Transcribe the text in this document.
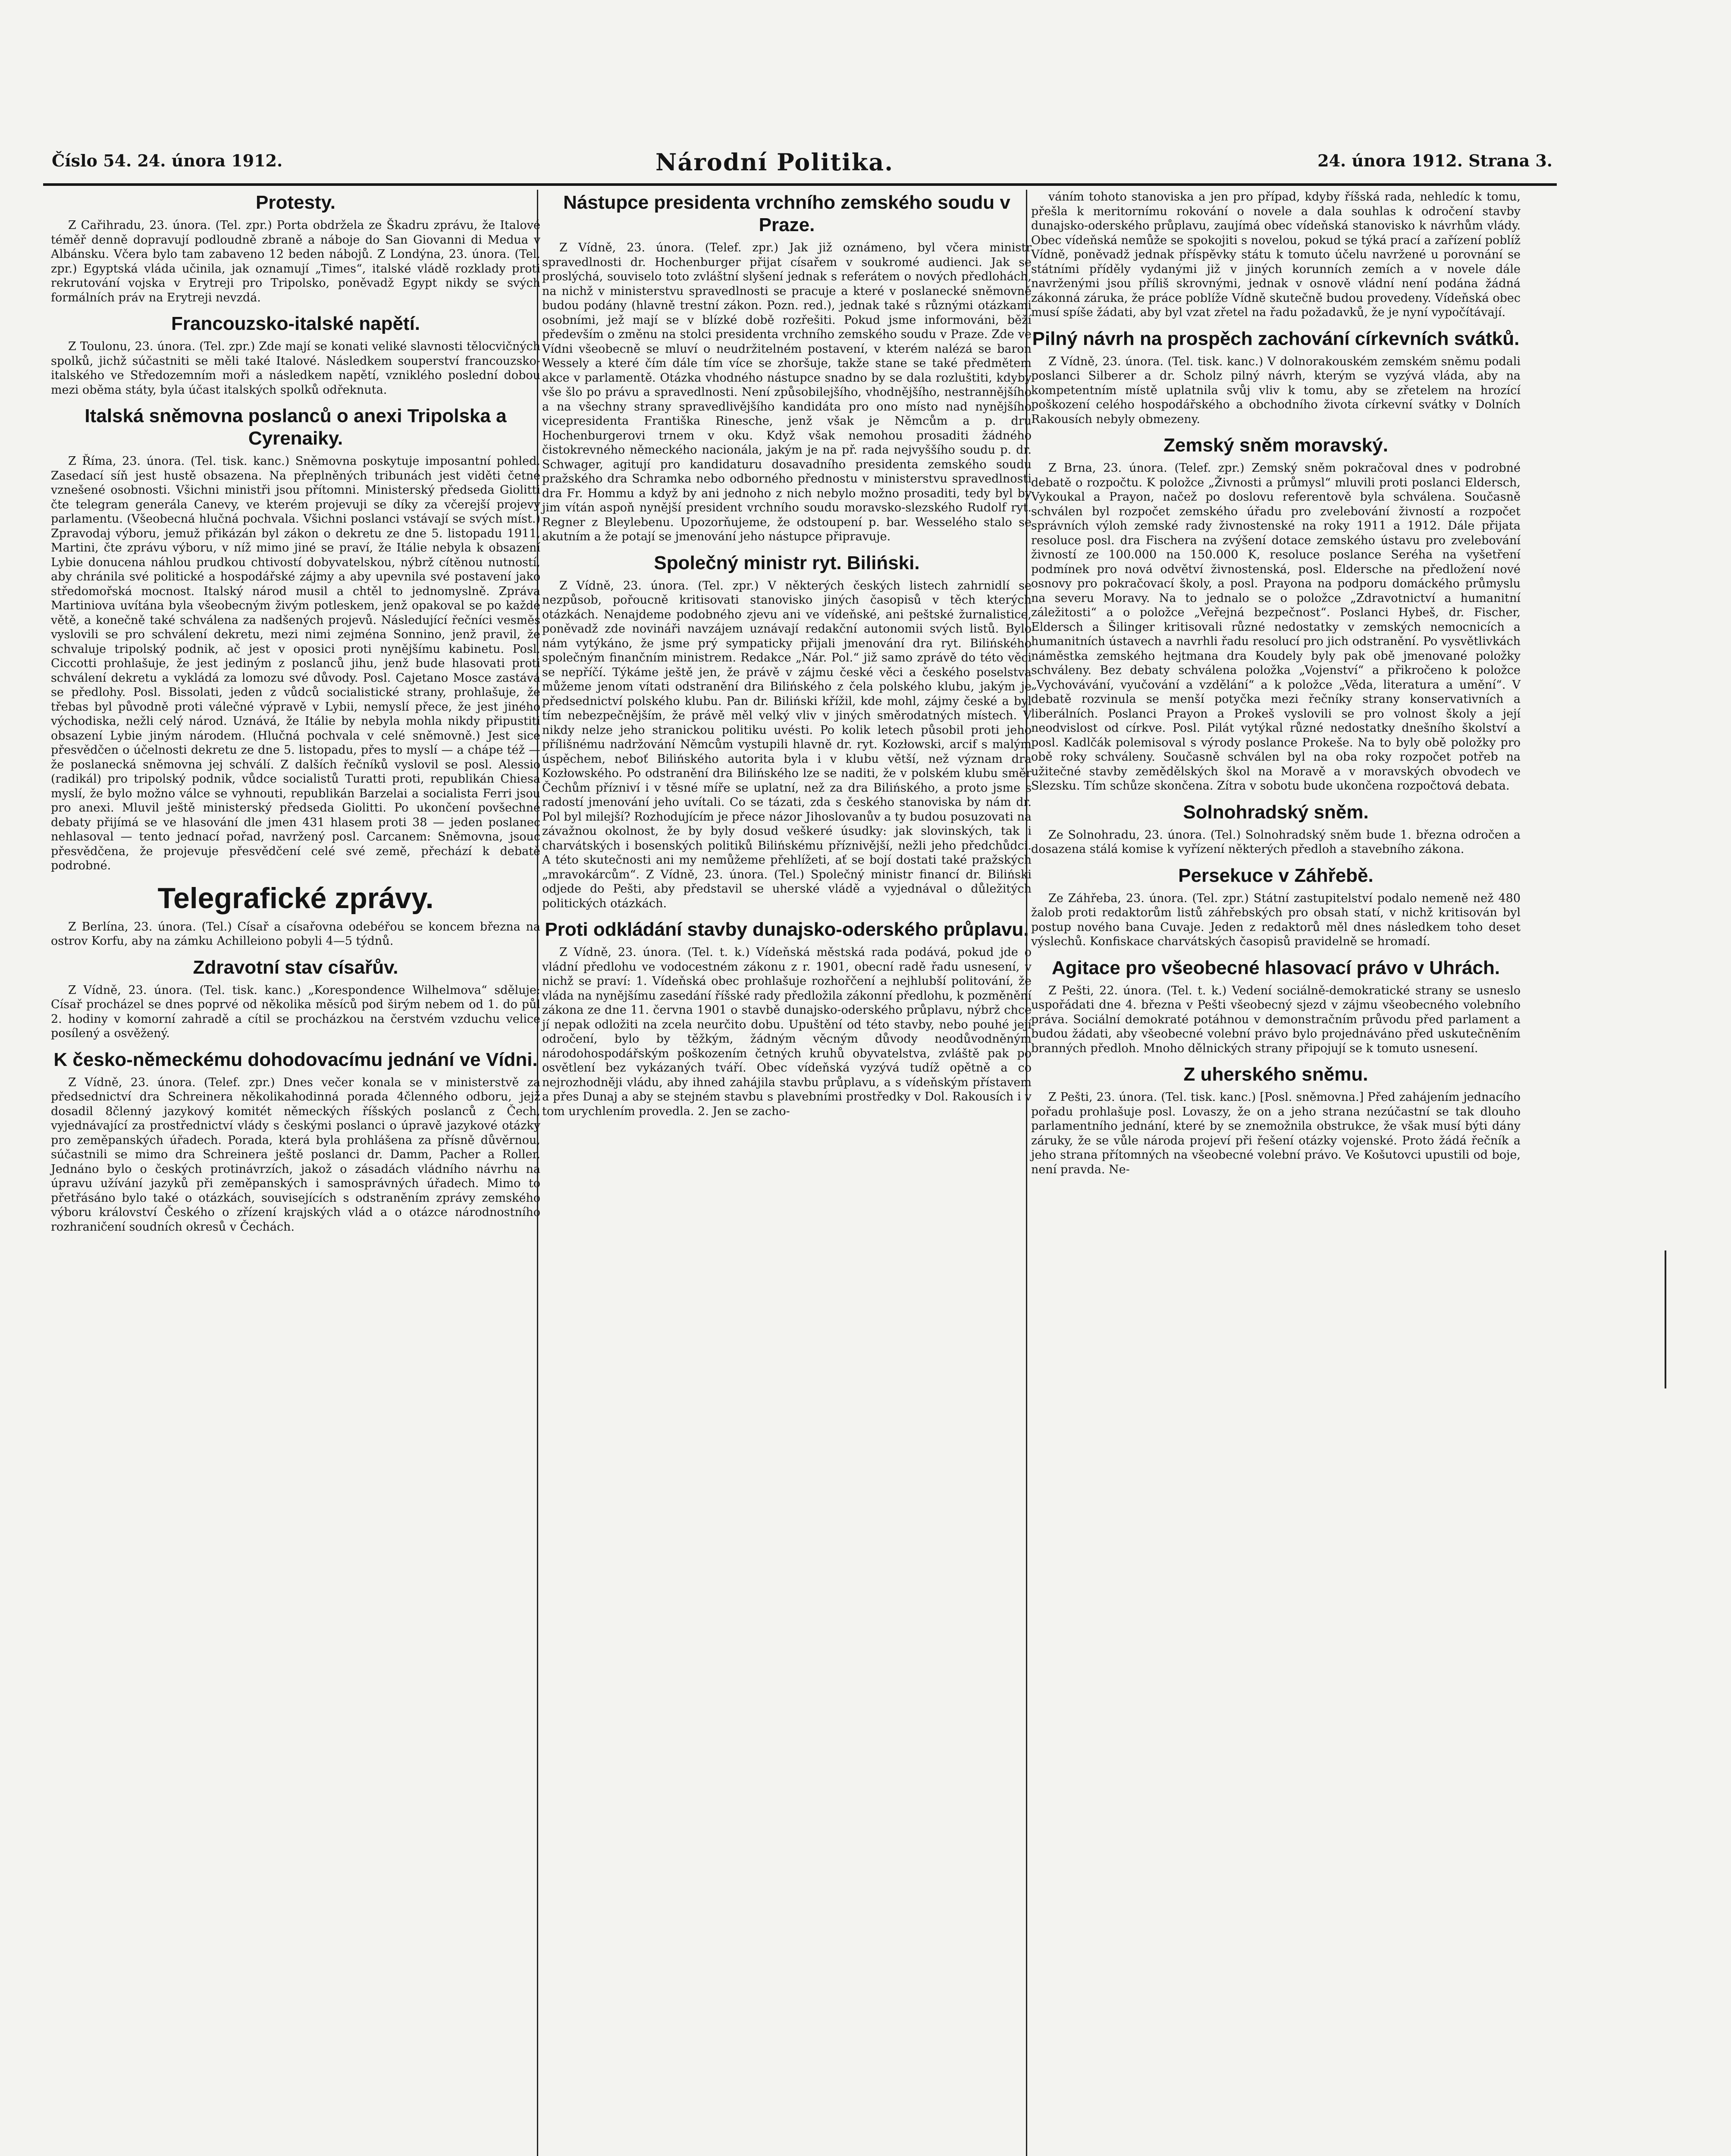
Číslo 54. 24. února 1912.	Národní Politika.	24. února 1912. Strana 3.
Protesty.

Z Cařihradu, 23. února. (Tel. zpr.) Porta obdržela ze Škadru zprávu, že Italové téměř denně dopravují podloudně zbraně a náboje do San Giovanni di Medua v Albánsku. Včera bylo tam zabaveno 12 beden nábojů. Z Londýna, 23. února. (Tel. zpr.) Egyptská vláda učinila, jak oznamují „Times“, italské vládě rozklady proti rekrutování vojska v Erytreji pro Tripolsko, poněvadž Egypt nikdy se svých formálních práv na Erytreji nevzdá.

Francouzsko-italské napětí.

Z Toulonu, 23. února. (Tel. zpr.) Zde mají se konati veliké slavnosti tělocvičných spolků, jichž súčastniti se měli také Italové. Následkem souperství francouzsko-italského ve Středozemním moři a následkem napětí, vzniklého poslední dobou mezi oběma státy, byla účast italských spolků odřeknuta.

Italská sněmovna poslanců o anexi Tripolska a Cyrenaiky.

Z Říma, 23. února. (Tel. tisk. kanc.) Sněmovna poskytuje imposantní pohled. Zasedací síň jest hustě obsazena. Na přeplněných tribunách jest viděti četné vznešené osobnosti. Všichni ministři jsou přítomni. Ministerský předseda Giolitti čte telegram generála Canevy, ve kterém projevuji se díky za včerejší projevy parlamentu. (Všeobecná hlučná pochvala. Všichni poslanci vstávají se svých míst.) Zpravodaj výboru, jemuž přikázán byl zákon o dekretu ze dne 5. listopadu 1911, Martini, čte zprávu výboru, v níž mimo jiné se praví, že Itálie nebyla k obsazení Lybie donucena náhlou prudkou chtivostí dobyvatelskou, nýbrž cítěnou nutností, aby chránila své politické a hospodářské zájmy a aby upevnila své postavení jako středomořská mocnost. Italský národ musil a chtěl to jednomyslně. Zpráva Martiniova uvítána byla všeobecným živým potleskem, jenž opakoval se po každé větě, a konečně také schválena za nadšených projevů. Následující řečníci vesměs vyslovili se pro schválení dekretu, mezi nimi zejména Sonnino, jenž pravil, že schvaluje tripolský podnik, ač jest v oposici proti nynějšímu kabinetu. Posl. Ciccotti prohlašuje, že jest jediným z poslanců jihu, jenž bude hlasovati proti schválení dekretu a vykládá za lomozu své důvody. Posl. Cajetano Mosce zastává se předlohy. Posl. Bissolati, jeden z vůdců socialistické strany, prohlašuje, že třebas byl původně proti válečné výpravě v Lybii, nemyslí přece, že jest jiného východiska, nežli celý národ. Uznává, že Itálie by nebyla mohla nikdy připustiti obsazení Lybie jiným národem. (Hlučná pochvala v celé sněmovně.) Jest sice přesvědčen o účelnosti dekretu ze dne 5. listopadu, přes to myslí — a chápe též — že poslanecká sněmovna jej schválí. Z dalších řečníků vyslovil se posl. Alessio (radikál) pro tripolský podnik, vůdce socialistů Turatti proti, republikán Chiesa myslí, že bylo možno válce se vyhnouti, republikán Barzelai a socialista Ferri jsou pro anexi. Mluvil ještě ministerský předseda Giolitti. Po ukončení povšechné debaty přijímá se ve hlasování dle jmen 431 hlasem proti 38 — jeden poslanec nehlasoval — tento jednací pořad, navržený posl. Carcanem: Sněmovna, jsouc přesvědčena, že projevuje přesvědčení celé své země, přechází k debatě podrobné.

Telegrafické zprávy.

Z Berlína, 23. února. (Tel.) Císař a císařovna odebéřou se koncem března na ostrov Korfu, aby na zámku Achilleiono pobyli 4—5 týdnů.

Zdravotní stav císařův.

Z Vídně, 23. února. (Tel. tisk. kanc.) „Korespondence Wilhelmova“ sděluje: Císař procházel se dnes poprvé od několika měsíců pod širým nebem od 1. do půl 2. hodiny v komorní zahradě a cítil se procházkou na čerstvém vzduchu velice posílený a osvěžený.

K česko-německému dohodovacímu jednání ve Vídni.

Z Vídně, 23. února. (Telef. zpr.) Dnes večer konala se v ministerstvě za předsednictví dra Schreinera několikahodinná porada 4členného odboru, jejž dosadil 8členný jazykový komitét německých říšských poslanců z Čech, vyjednávající za prostřednictví vlády s českými poslanci o úpravě jazykové otázky pro zeměpanských úřadech. Porada, která byla prohlášena za přísně důvěrnou, súčastnili se mimo dra Schreinera ještě poslanci dr. Damm, Pacher a Roller. Jednáno bylo o českých protinávrzích, jakož o zásadách vládního návrhu na úpravu užívání jazyků při zeměpanských i samosprávných úřadech. Mimo to přetřásáno bylo také o otázkách, souvisejících s odstraněním zprávy zemského výboru království Českého o zřízení krajských vlád a o otázce národnostního rozhraničení soudních okresů v Čechách.

Nástupce presidenta vrchního zemského soudu v Praze.

Z Vídně, 23. února. (Telef. zpr.) Jak již oznámeno, byl včera ministr spravedlnosti dr. Hochenburger přijat císařem v soukromé audienci. Jak se proslýchá, souviselo toto zvláštní slyšení jednak s referátem o nových předlohách, na nichž v ministerstvu spravedlnosti se pracuje a které v poslanecké sněmovně budou podány (hlavně trestní zákon. Pozn. red.), jednak také s různými otázkami osobními, jež mají se v blízké době rozřešiti. Pokud jsme informováni, běží především o změnu na stolci presidenta vrchního zemského soudu v Praze. Zde ve Vídni všeobecně se mluví o neudržitelném postavení, v kterém nalézá se baron Wessely a které čím dále tím více se zhoršuje, takže stane se také předmětem akce v parlamentě. Otázka vhodného nástupce snadno by se dala rozluštiti, kdyby vše šlo po právu a spravedlnosti. Není způsobilejšího, vhodnějšího, nestrannějšího a na všechny strany spravedlivějšího kandidáta pro ono místo nad nynějšího vicepresidenta Františka Rinesche, jenž však je Němcům a p. dru Hochenburgerovi trnem v oku. Když však nemohou prosaditi žádného čistokrevného německého nacionála, jakým je na př. rada nejvyššího soudu p. dr. Schwager, agitují pro kandidaturu dosavadního presidenta zemského soudu pražského dra Schramka nebo odborného přednostu v ministerstvu spravedlnosti dra Fr. Hommu a když by ani jednoho z nich nebylo možno prosaditi, tedy byl by jim vítán aspoň nynější president vrchního soudu moravsko-slezského Rudolf ryt. Regner z Bleylebenu. Upozorňujeme, že odstoupení p. bar. Wesselého stalo se akutním a že potají se jmenování jeho nástupce připravuje.

Společný ministr ryt. Biliński.

Z Vídně, 23. února. (Tel. zpr.) V některých českých listech zahrnidlí se nezpůsob, pořoucně kritisovati stanovisko jiných časopisů v těch kterých otázkách. Nenajdeme podobného zjevu ani ve vídeňské, ani peštské žurnalistice, poněvadž zde novináři navzájem uznávají redakční autonomii svých listů. Bylo nám vytýkáno, že jsme prý sympaticky přijali jmenování dra ryt. Bilińského společným finančním ministrem. Redakce „Nár. Pol.“ již samo zprávě do této věci se nepříčí. Týkáme ještě jen, že právě v zájmu české věci a českého poselstva můžeme jenom vítati odstranění dra Bilińského z čela polského klubu, jakým je předsednictví polského klubu. Pan dr. Biliński křížil, kde mohl, zájmy české a byl tím nebezpečnějším, že právě měl velký vliv v jiných směrodatných místech. V nikdy nelze jeho stranickou politiku uvésti. Po kolik letech působil proti jeho přílišnému nadržování Němcům vystupili hlavně dr. ryt. Kozłowski, arcif s malým úspěchem, neboť Bilińského autorita byla i v klubu větší, než význam dra Kozłowského. Po odstranění dra Bilińského lze se naditi, že v polském klubu směr Čechům přízniví i v těsné míře se uplatní, než za dra Bilińského, a proto jsme s radostí jmenování jeho uvítali. Co se tázati, zda s českého stanoviska by nám dr. Pol byl milejší? Rozhodujícím je přece názor Jihoslovanův a ty budou posuzovati na závažnou okolnost, že by byly dosud veškeré úsudky: jak slovinských, tak i charvátských i bosenských politiků Bilińskému příznivější, nežli jeho předchůdci. A této skutečnosti ani my nemůžeme přehlížeti, ať se bojí dostati také pražských „mravokárcům“. Z Vídně, 23. února. (Tel.) Společný ministr financí dr. Biliński odjede do Pešti, aby představil se uherské vládě a vyjednával o důležitých politických otázkách.

Proti odkládání stavby dunajsko-oderského průplavu.

Z Vídně, 23. února. (Tel. t. k.) Vídeňská městská rada podává, pokud jde o vládní předlohu ve vodocestném zákonu z r. 1901, obecní radě řadu usnesení, v nichž se praví: 1. Vídeňská obec prohlašuje rozhořčení a nejhlubší politování, že vláda na nynějšímu zasedání říšské rady předložila zákonní předlohu, k pozměnění zákona ze dne 11. června 1901 o stavbě dunajsko-oderského průplavu, nýbrž chce jí nepak odložiti na zcela neurčito dobu. Upuštění od této stavby, nebo pouhé její odročení, bylo by těžkým, žádným věcným důvody neodůvodněným národohospodářským poškozením četných kruhů obyvatelstva, zvláště pak po osvětlení bez vykázaných tváří. Obec vídeňská vyzývá tudíž opětně a co nejrozhodněji vládu, aby ihned zahájila stavbu průplavu, a s vídeňským přístavem a přes Dunaj a aby se stejném stavbu s plavebními prostředky v Dol. Rakousích i v tom urychlením provedla. 2. Jen se zacho-

váním tohoto stanoviska a jen pro případ, kdyby říšská rada, nehledíc k tomu, přešla k meritornímu rokování o novele a dala souhlas k odročení stavby dunajsko-oderského průplavu, zaujímá obec vídeňská stanovisko k návrhům vlády. Obec vídeňská nemůže se spokojiti s novelou, pokud se týká prací a zařízení poblíž Vídně, poněvadž jednak příspěvky státu k tomuto účelu navržené u porovnání se státními příděly vydanými již v jiných korunních zemích a v novele dále navrženými jsou příliš skrovnými, jednak v osnově vládní není podána žádná zákonná záruka, že práce poblíže Vídně skutečně budou provedeny. Vídeňská obec musí spíše žádati, aby byl vzat zřetel na řadu požadavků, že je nyní vypočítávají.

Pilný návrh na prospěch zachování církevních svátků.

Z Vídně, 23. února. (Tel. tisk. kanc.) V dolnorakouském zemském sněmu podali poslanci Silberer a dr. Scholz pilný návrh, kterým se vyzývá vláda, aby na kompetentním místě uplatnila svůj vliv k tomu, aby se zřetelem na hrozící poškození celého hospodářského a obchodního života církevní svátky v Dolních Rakousích nebyly obmezeny.

Zemský sněm moravský.

Z Brna, 23. února. (Telef. zpr.) Zemský sněm pokračoval dnes v podrobné debatě o rozpočtu. K položce „Živnosti a průmysl“ mluvili proti poslanci Eldersch, Vykoukal a Prayon, načež po doslovu referentově byla schválena. Současně schválen byl rozpočet zemského úřadu pro zvelebování živností a rozpočet správních výloh zemské rady živnostenské na roky 1911 a 1912. Dále přijata resoluce posl. dra Fischera na zvýšení dotace zemského ústavu pro zvelebování živností ze 100.000 na 150.000 K, resoluce poslance Seréha na vyšetření podmínek pro nová odvětví živnostenská, posl. Eldersche na předložení nové osnovy pro pokračovací školy, a posl. Prayona na podporu domáckého průmyslu na severu Moravy. Na to jednalo se o položce „Zdravotnictví a humanitní záležitosti“ a o položce „Veřejná bezpečnost“. Poslanci Hybeš, dr. Fischer, Eldersch a Šilinger kritisovali různé nedostatky v zemských nemocnicích a humanitních ústavech a navrhli řadu resolucí pro jich odstranění. Po vysvětlivkách náměstka zemského hejtmana dra Koudely byly pak obě jmenované položky schváleny. Bez debaty schválena položka „Vojenství“ a přikročeno k položce „Vychovávání, vyučování a vzdělání“ a k položce „Věda, literatura a umění“. V debatě rozvinula se menší potyčka mezi řečníky strany konservativních a liberálních. Poslanci Prayon a Prokeš vyslovili se pro volnost školy a její neodvislost od církve. Posl. Pilát vytýkal různé nedostatky dnešního školství a posl. Kadlčák polemisoval s výrody poslance Prokeše. Na to byly obě položky pro obě roky schváleny. Současně schválen byl na oba roky rozpočet potřeb na užitečné stavby zemědělských škol na Moravě a v moravských obvodech ve Slezsku. Tím schůze skončena. Zítra v sobotu bude ukončena rozpočtová debata.

Solnohradský sněm.

Ze Solnohradu, 23. února. (Tel.) Solnohradský sněm bude 1. března odročen a dosazena stálá komise k vyřízení některých předloh a stavebního zákona.

Persekuce v Záhřebě.

Ze Záhřeba, 23. února. (Tel. zpr.) Státní zastupitelství podalo nemeně než 480 žalob proti redaktorům listů záhřebských pro obsah statí, v nichž kritisován byl postup nového bana Cuvaje. Jeden z redaktorů měl dnes následkem toho deset výslechů. Konfiskace charvátských časopisů pravidelně se hromadí.

Agitace pro všeobecné hlasovací právo v Uhrách.

Z Pešti, 22. února. (Tel. t. k.) Vedení sociálně-demokratické strany se usneslo uspořádati dne 4. března v Pešti všeobecný sjezd v zájmu všeobecného volebního práva. Sociální demokraté potáhnou v demonstračním průvodu před parlament a budou žádati, aby všeobecné volební právo bylo projednáváno před uskutečněním branných předloh. Mnoho dělnických strany připojují se k tomuto usnesení.

Z uherského sněmu.

Z Pešti, 23. února. (Tel. tisk. kanc.) [Posl. sněmovna.] Před zahájením jednacího pořadu prohlašuje posl. Lovaszy, že on a jeho strana nezúčastní se tak dlouho parlamentního jednání, které by se znemožnila obstrukce, že však musí býti dány záruky, že se vůle národa projeví při řešení otázky vojenské. Proto žádá řečník a jeho strana přítomných na všeobecné volební právo. Ve Košutovci upustili od boje, není pravda. Ne-
